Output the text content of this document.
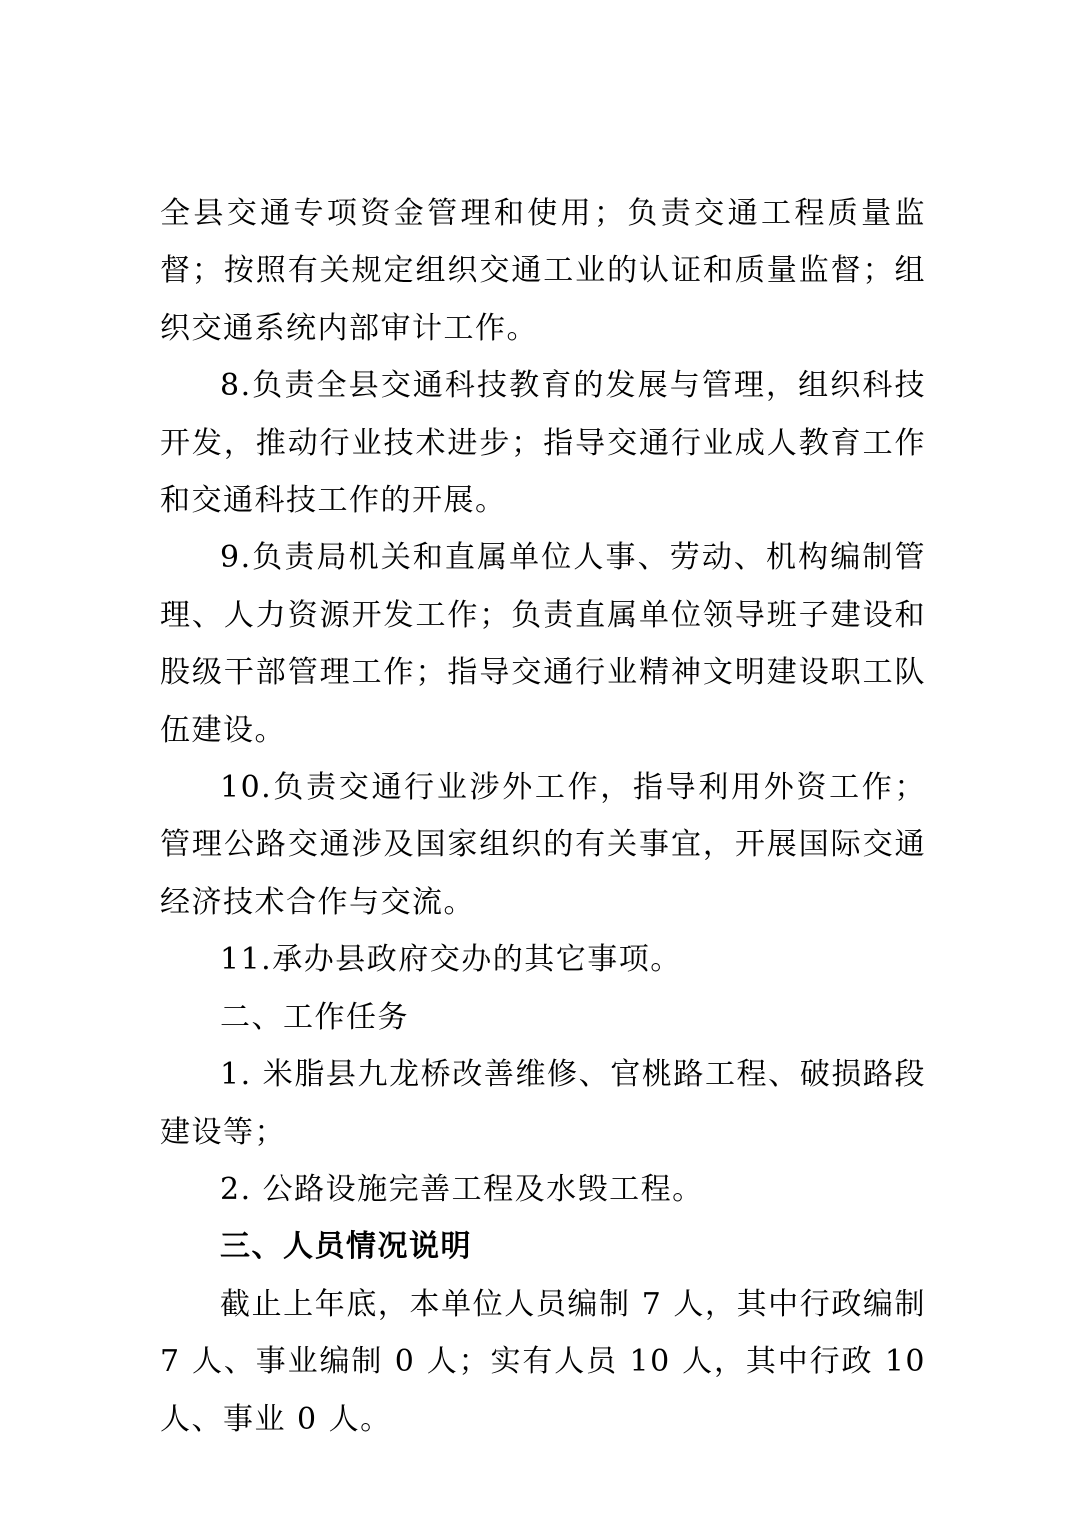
全县交通专项资金管理和使用；负责交通工程质量监督；按照有关规定组织交通工业的认证和质量监督；组织交通系统内部审计工作。

8.负责全县交通科技教育的发展与管理，组织科技开发，推动行业技术进步；指导交通行业成人教育工作和交通科技工作的开展。

9.负责局机关和直属单位人事、劳动、机构编制管理、人力资源开发工作；负责直属单位领导班子建设和股级干部管理工作；指导交通行业精神文明建设职工队伍建设。

10.负责交通行业涉外工作，指导利用外资工作；管理公路交通涉及国家组织的有关事宜，开展国际交通经济技术合作与交流。

11.承办县政府交办的其它事项。

二、工作任务

1. 米脂县九龙桥改善维修、官桃路工程、破损路段建设等；

2. 公路设施完善工程及水毁工程。

三、人员情况说明

截止上年底，本单位人员编制 7 人，其中行政编制 7 人、事业编制 0 人；实有人员 10 人，其中行政 10 人、事业 0 人。
